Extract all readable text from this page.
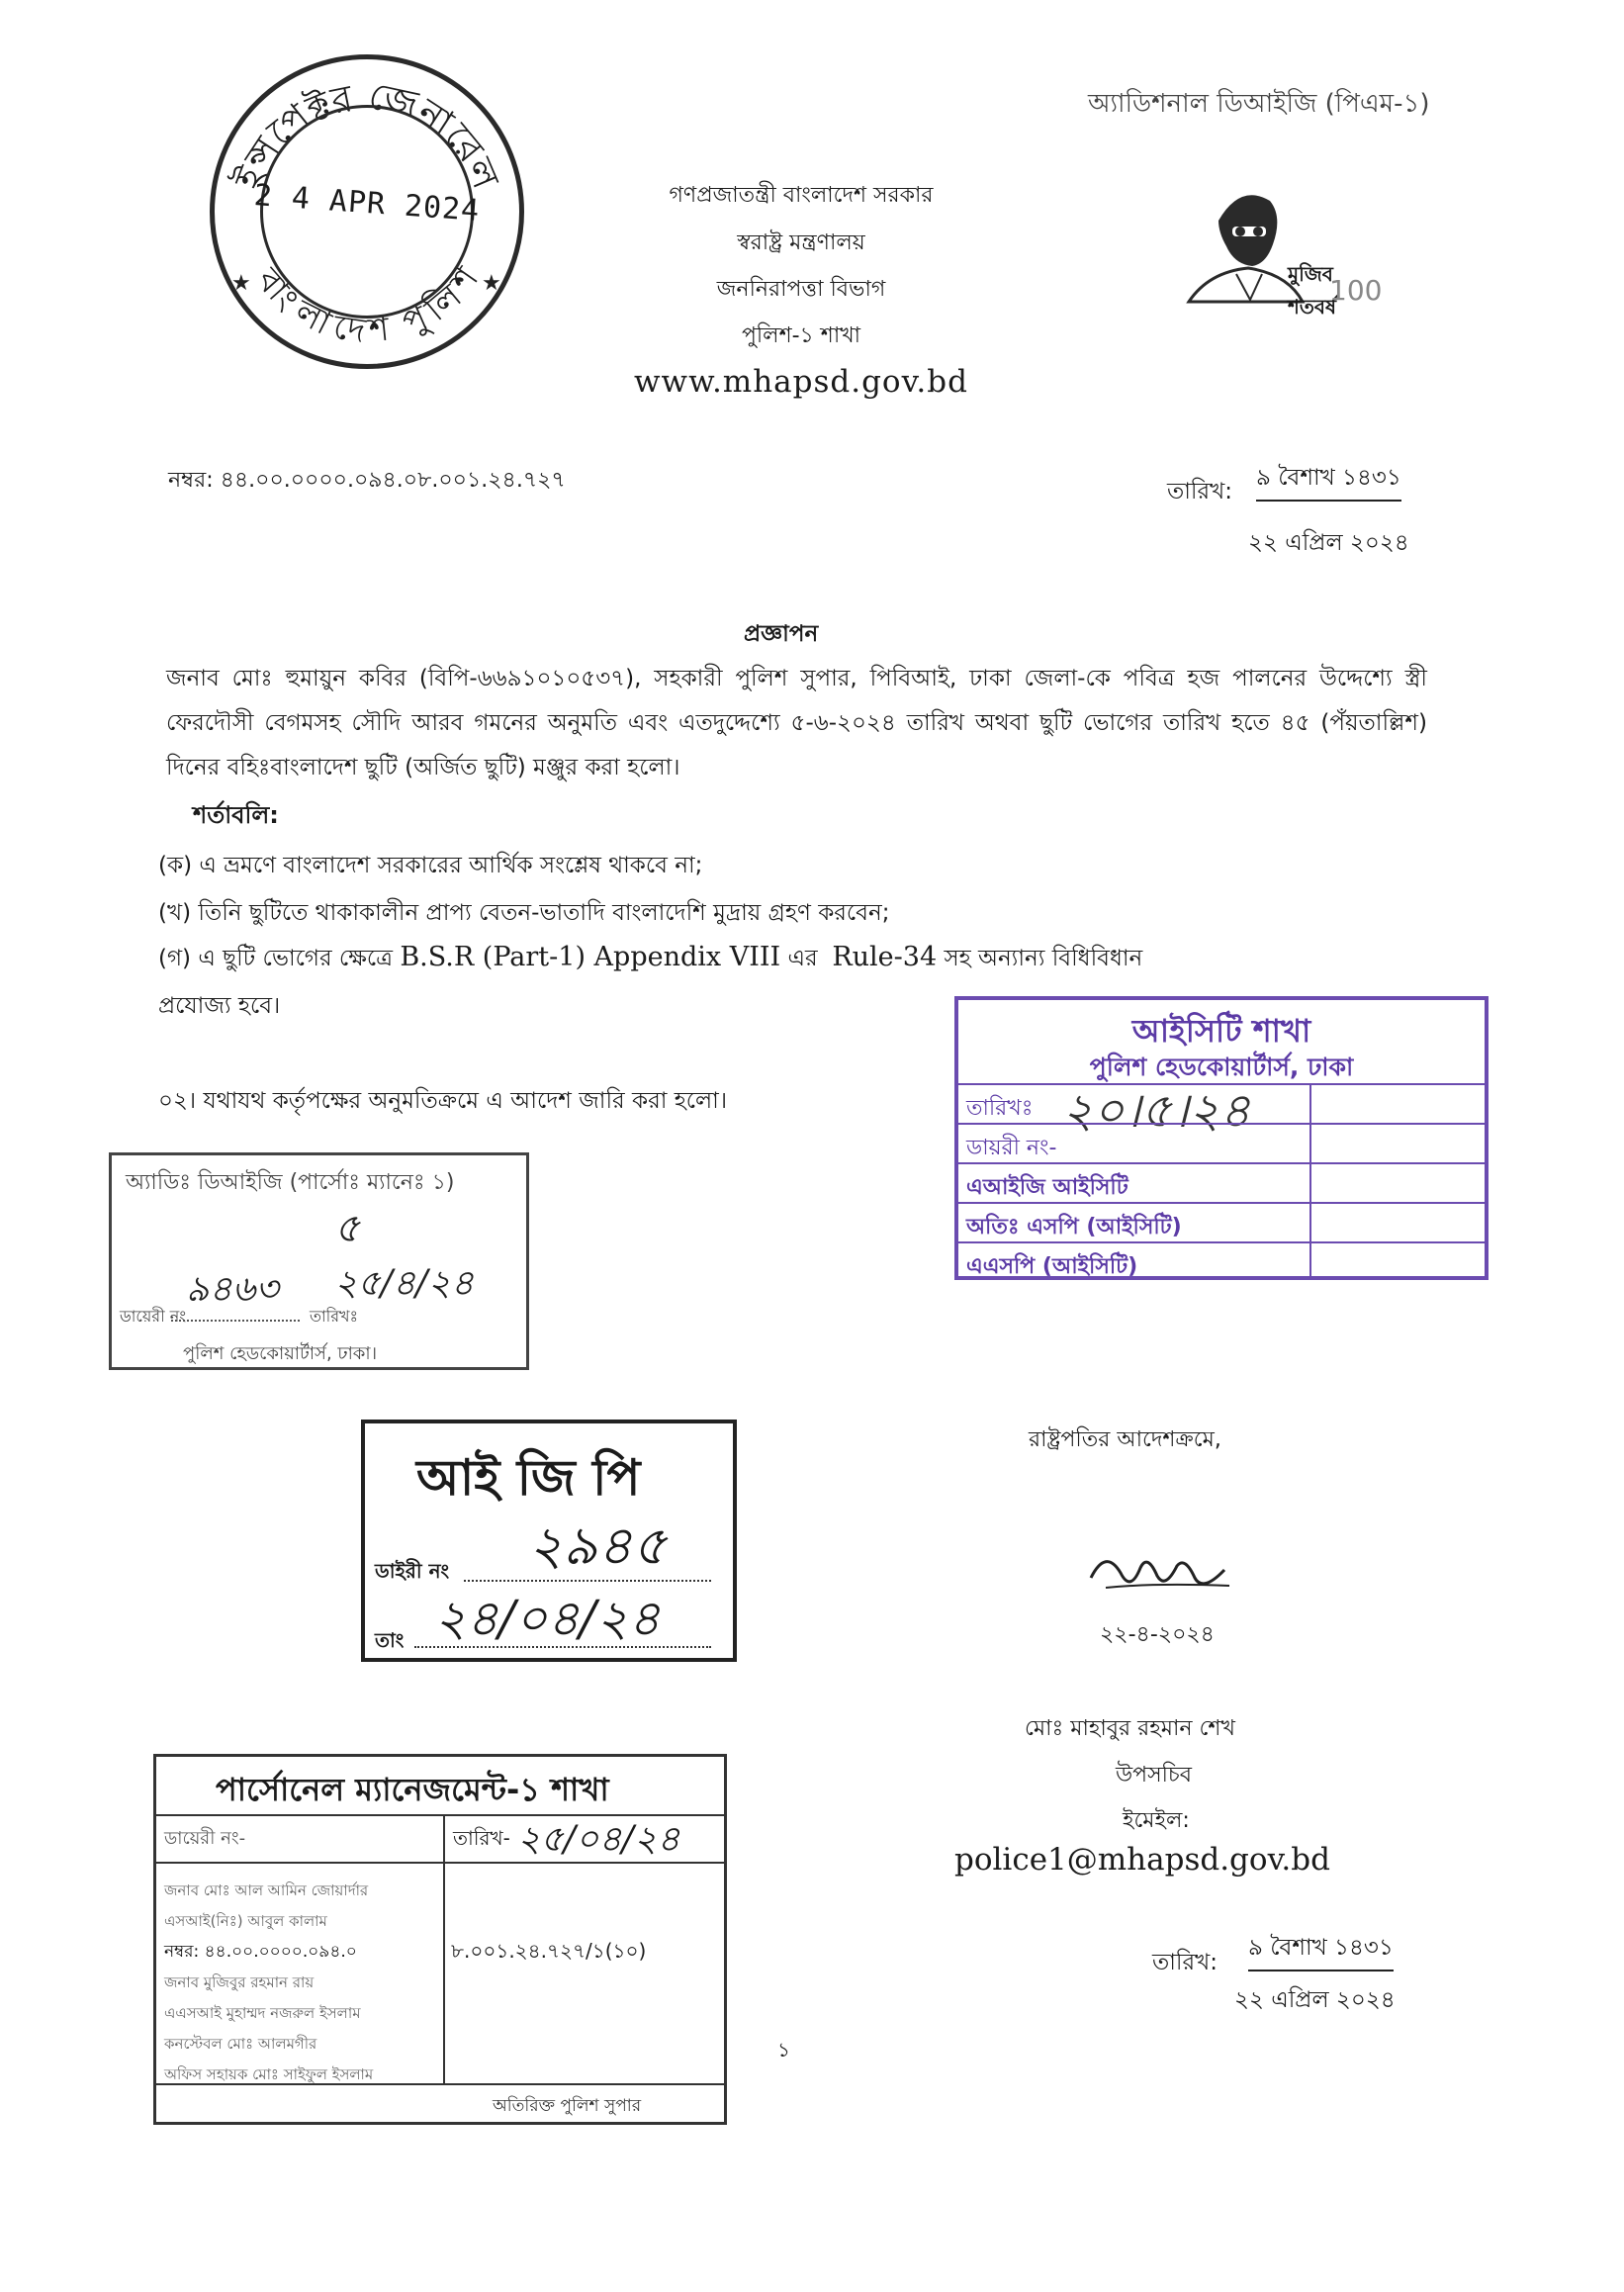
ইন্সপেক্টর জেনারেল
বাংলাদেশ পুলিশ
★	★
2 4 APR 2024
অ্যাডিশনাল ডিআইজি (পিএম-১)
গণপ্রজাতন্ত্রী বাংলাদেশ সরকার
স্বরাষ্ট্র মন্ত্রণালয়
জননিরাপত্তা বিভাগ
পুলিশ-১ শাখা
www.mhapsd.gov.bd
মুজিব শতবর্ষ
100
নম্বর: ৪৪.০০.০০০০.০৯৪.০৮.০০১.২৪.৭২৭	তারিখ:
৯ বৈশাখ ১৪৩১
২২ এপ্রিল ২০২৪
প্রজ্ঞাপন
জনাব মোঃ হুমায়ুন কবির (বিপি-৬৬৯১০১০৫৩৭), সহকারী পুলিশ সুপার, পিবিআই, ঢাকা জেলা-কে পবিত্র হজ পালনের উদ্দেশ্যে স্ত্রী ফেরদৌসী বেগমসহ সৌদি আরব গমনের অনুমতি এবং এতদুদ্দেশ্যে ৫-৬-২০২৪ তারিখ অথবা ছুটি ভোগের তারিখ হতে ৪৫ (পঁয়তাল্লিশ) দিনের বহিঃবাংলাদেশ ছুটি (অর্জিত ছুটি) মঞ্জুর করা হলো।
শর্তাবলি:
(ক) এ ভ্রমণে বাংলাদেশ সরকারের আর্থিক সংশ্লেষ থাকবে না;
(খ) তিনি ছুটিতে থাকাকালীন প্রাপ্য বেতন-ভাতাদি বাংলাদেশি মুদ্রায় গ্রহণ করবেন;
(গ) এ ছুটি ভোগের ক্ষেত্রে B.S.R (Part-1) Appendix VIII এর Rule-34 সহ অন্যান্য বিধিবিধান
প্রযোজ্য হবে।
০২। যথাযথ কর্তৃপক্ষের অনুমতিক্রমে এ আদেশ জারি করা হলো।
আইসিটি শাখা
পুলিশ হেডকোয়ার্টার্স, ঢাকা
তারিখঃ ২০।৫।২৪
ডায়রী নং-
এআইজি আইসিটি
অতিঃ এসপি (আইসিটি)
এএসপি (আইসিটি)
অ্যাডিঃ ডিআইজি (পার্সোঃ ম্যানেঃ ১)
৫
৯৪৬৩ ২৫/৪/২৪
ডায়েরী নং	তারিখঃ
পুলিশ হেডকোয়ার্টার্স, ঢাকা।
আই জি পি
ডাইরী নং ২৯৪৫
তাং ২৪/০৪/২৪
রাষ্ট্রপতির আদেশক্রমে,
২২-৪-২০২৪
মোঃ মাহাবুর রহমান শেখ
উপসচিব
ইমেইল:
police1@mhapsd.gov.bd
তারিখ:
৯ বৈশাখ ১৪৩১
২২ এপ্রিল ২০২৪
পার্সোনেল ম্যানেজমেন্ট-১ শাখা
ডায়েরী নং-	তারিখ- ২৫/০৪/২৪
জনাব মোঃ আল আমিন জোয়ার্দার
এসআই(নিঃ) আবুল কালাম
নম্বর: ৪৪.০০.০০০০.০৯৪.০
জনাব মুজিবুর রহমান রায়
এএসআই মুহাম্মদ নজরুল ইসলাম
কনস্টেবল মোঃ আলমগীর
অফিস সহায়ক মোঃ সাইফুল ইসলাম
৮.০০১.২৪.৭২৭/১(১০)
অতিরিক্ত পুলিশ সুপার
১
